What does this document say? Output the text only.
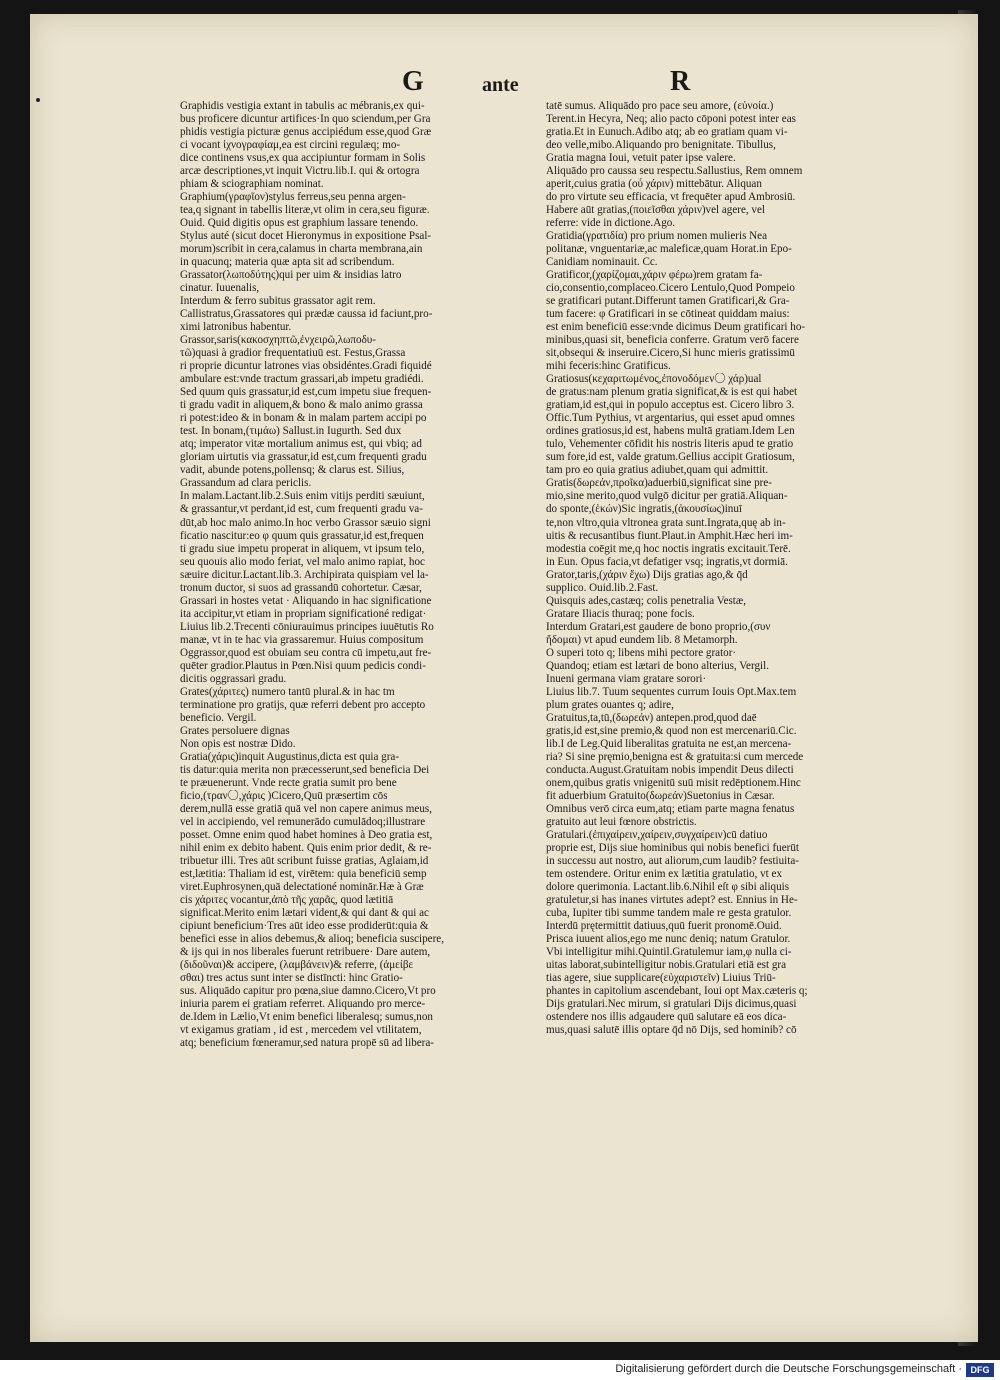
G	ante	R
Graphidis vestigia extant in tabulis ac mébranis,ex qui-
bus proficere dicuntur artifices·In quo sciendum,per Gra
phidis vestigia picturæ genus accipiédum esse,quod Græ
ci vocant ἰχνογραφίαμ,ea est circini regulæq; mo-
dice continens vsus,ex qua accipiuntur formam in Solis
arcæ descriptiones,vt inquit Victru.lib.I. qui & ortogra
phiam & sciographiam nominat.
Graphium(γραφῖον)stylus ferreus,seu penna argen-
tea,q signant in tabellis literæ,vt olim in cera,seu figuræ.
Ouid. Quid digitis opus est graphium lassare tenendo.
Stylus auté (sicut docet Hieronymus in expositione Psal-
morum)scribit in cera,calamus in charta membrana,ain
in quacunq; materia quæ apta sit ad scribendum.
Grassator(λωποδύτης)qui per uim & insidias latro
cinatur. Iuuenalis,
Interdum & ferro subitus grassator agit rem.
Callistratus,Grassatores qui prædæ caussa id faciunt,pro-
ximi latronibus habentur.
Grassor,saris(κακοσχηπτῶ,ἐνχειρῶ,λωποδυ-
τῶ)quasi à gradior frequentatiuū est. Festus,Grassa
ri proprie dicuntur latrones vias obsidéntes.Gradi fiquidé
ambulare est:vnde tractum grassari,ab impetu gradiédi.
Sed quum quis grassatur,id est,cum impetu siue frequen-
ti gradu vadit in aliquem,& bono & malo animo grassa
ri potest:ideo & in bonam & in malam partem accipi po
test. In bonam,(τιμάω) Sallust.in Iugurth. Sed dux
atq; imperator vitæ mortalium animus est, qui vbiq; ad
gloriam uirtutis via grassatur,id est,cum frequenti gradu
vadit, abunde potens,pollensq; & clarus est. Silius,
Grassandum ad clara periclis.
In malam.Lactant.lib.2.Suis enim vitijs perditi sæuiunt,
& grassantur,vt perdant,id est, cum frequenti gradu va-
dūt,ab hoc malo animo.In hoc verbo Grassor sæuio signi
ficatio nascitur:eo φ quum quis grassatur,id est,frequen
ti gradu siue impetu properat in aliquem, vt ipsum telo,
seu quouis alio modo feriat, vel malo animo rapiat, hoc
sæuire dicitur.Lactant.lib.3. Archipirata quispiam vel la-
tronum ductor, si suos ad grassandū cohortetur. Cæsar,
Grassari in hostes vetat · Aliquando in hac significatione
ita accipitur,vt etiam in propriam significationé redigat·
Liuius lib.2.Trecenti cōniurauimus principes iuuētutis Ro
manæ, vt in te hac via grassaremur. Huius compositum
Oggrassor,quod est obuiam seu contra cū impetu,aut fre-
quēter gradior.Plautus in Pœn.Nisi quum pedicis condi-
dicitis oggrassari gradu.
Grates(χάριτες) numero tantū plural.& in hac tm
terminatione pro gratijs, quæ referri debent pro accepto
beneficio. Vergil.
Grates persoluere dignas
Non opis est nostræ Dido.
Gratia(χάρις)inquit Augustinus,dicta est quia gra-
tis datur:quia merita non præcesserunt,sed beneficia Dei
te præuenerunt. Vnde recte gratia sumit pro bene
ficio,(τραν〇,χάρις )Cicero,Quū præsertim cōs
derem,nullā esse gratiā quā vel non capere animus meus,
vel in accipiendo, vel remunerādo cumulādoq;illustrare
posset. Omne enim quod habet homines à Deo gratia est,
nihil enim ex debito habent. Quis enim prior dedit, & re-
tribuetur illi. Tres aūt scribunt fuisse gratias, Aglaiam,id
est,lætitia: Thaliam id est, virētem: quia beneficiū semp
viret.Euphrosynen,quā delectationé nominār.Hæ à Græ
cis χάριτες vocantur,ἀπὸ τῆς χαρᾶς, quod lætitiā
significat.Merito enim lætari vident,& qui dant & qui ac
cipiunt beneficium·Tres aūt ideo esse prodiderūt:quia &
benefici esse in alios debemus,& alioq; beneficia suscipere,
& ijs qui in nos liberales fuerunt retribuere· Dare autem,
(διδοῦναι)& accipere, (λαμβάνειν)& referre, (ἀμείβε
σθαι) tres actus sunt inter se distīncti: hinc Gratio-
sus. Aliquādo capitur pro pœna,siue damno.Cicero,Vt pro
iniuria parem ei gratiam referret. Aliquando pro merce-
de.Idem in Lælio,Vt enim benefici liberalesq; sumus,non
vt exigamus gratiam , id est , mercedem vel vtilitatem,
atq; beneficium fœneramur,sed natura propē sū ad libera-
tatē sumus. Aliquādo pro pace seu amore, (εὐνοία.)
Terent.in Hecyra, Neq; alio pacto cōponi potest inter eas
gratia.Et in Eunuch.Adibo atq; ab eo gratiam quam vi-
deo velle,mibo.Aliquando pro benignitate. Tibullus,
Gratia magna Ioui, vetuit pater ipse valere.
Aliquādo pro caussa seu respectu.Sallustius, Rem omnem
aperit,cuius gratia (οὗ χάριν) mittebātur. Aliquan
do pro virtute seu efficacia, vt frequēter apud Ambrosiū.
Habere aūt gratias,(ποιεῖσθαι χάριν)vel agere, vel
referre: vide in dictione.Ago.
Gratidia(γρατιδία) pro prium nomen mulieris Nea
politanæ, vnguentariæ,ac maleficæ,quam Horat.in Epo-
Canidiam nominauit. Cc.
Gratificor,(χαρίζομαι,χάριν φέρω)rem gratam fa-
cio,consentio,complaceo.Cicero Lentulo,Quod Pompeio
se gratificari putant.Differunt tamen Gratificari,& Gra-
tum facere: φ Gratificari in se cōtineat quiddam maius:
est enim beneficiū esse:vnde dicimus Deum gratificari ho-
minibus,quasi sit, beneficia conferre. Gratum verō facere
sit,obsequi & inseruire.Cicero,Si hunc mieris gratissimū
mihi feceris:hinc Gratificus.
Gratiosus(κεχαριτωμένος,ἐπονοδόμεν〇 χάρ)ual
de gratus:nam plenum gratia significat,& is est qui habet
gratiam,id est,qui in populo acceptus est. Cicero libro 3.
Offic.Tum Pythius, vt argentarius, qui esset apud omnes
ordines gratiosus,id est, habens multā gratiam.Idem Len
tulo, Vehementer cōfidit his nostris literis apud te gratio
sum fore,id est, valde gratum.Gellius accipit Gratiosum,
tam pro eo quia gratius adiubet,quam qui admittit.
Gratis(δωρεάν,προῖκα)aduerbiū,significat sine pre-
mio,sine merito,quod vulgō dicitur per gratiā.Aliquan-
do sponte,(ἑκών)Sic ingratis,(ἀκουσίως)inuī
te,non vltro,quia vltronea grata sunt.Ingrata,quę ab in-
uitis & recusantibus fiunt.Plaut.in Amphit.Hæc heri im-
modestia coēgit me,q hoc noctis ingratis excitauit.Terē.
in Eun. Opus facia,vt defatiger vsq; ingratis,vt dormiā.
Grator,taris,(χάριν ἔχω) Dijs gratias ago,& q̄d
supplico. Ouid.lib.2.Fast.
Quisquis ades,castæq; colis penetralia Vestæ,
Gratare Iliacis thuraq; pone focis.
Interdum Gratari,est gaudere de bono proprio,(συν
ἥδομαι) vt apud eundem lib. 8 Metamorph.
O superi toto q; libens mihi pectore grator·
Quandoq; etiam est lætari de bono alterius, Vergil.
Inueni germana viam gratare sorori·
Liuius lib.7. Tuum sequentes currum Iouis Opt.Max.tem
plum grates ouantes q; adire,
Gratuitus,ta,tū,(δωρεάν) antepen.prod,quod daē
gratis,id est,sine premio,& quod non est mercenariū.Cic.
lib.I de Leg.Quid liberalitas gratuita ne est,an mercena-
ria? Si sine pręmio,benigna est & gratuita:si cum mercede
conducta.August.Gratuitam nobis impendit Deus dilecti
onem,quibus gratis vnigenitū suū misit redēptionem.Hinc
fit aduerbium Gratuito(δωρεάν)Suetonius in Cæsar.
Omnibus verō circa eum,atq; etiam parte magna fenatus
gratuito aut leui fœnore obstrictis.
Gratulari.(ἐπιχαίρειν,χαίρειν,συγχαίρειν)cū datiuo
proprie est, Dijs siue hominibus qui nobis benefici fuerūt
in successu aut nostro, aut aliorum,cum laudib? festiuita-
tem ostendere. Oritur enim ex lætitia gratulatio, vt ex
dolore querimonia. Lactant.lib.6.Nihil eſt φ sibi aliquis
gratuletur,si has inanes virtutes adept? est. Ennius in He-
cuba, Iupiter tibi summe tandem male re gesta gratulor.
Interdū prętermittit datiuus,quū fuerit pronomē.Ouid.
Prisca iuuent alios,ego me nunc deniq; natum Gratulor.
Vbi intelligitur mihi.Quintil.Gratulemur iam,φ nulla ci-
uitas laborat,subintelligitur nobis.Gratulari etiā est gra
tias agere, siue supplicare(εὐχαριστεῖν) Liuius Triū-
phantes in capitolium ascendebant, Ioui opt Max.cæteris q;
Dijs gratulari.Nec mirum, si gratulari Dijs dicimus,quasi
ostendere nos illis adgaudere quū salutare eā eos dica-
mus,quasi salutē illis optare q̄d nō Dijs, sed hominib? cō
Digitalisierung gefördert durch die Deutsche Forschungsgemeinschaft · DFG
